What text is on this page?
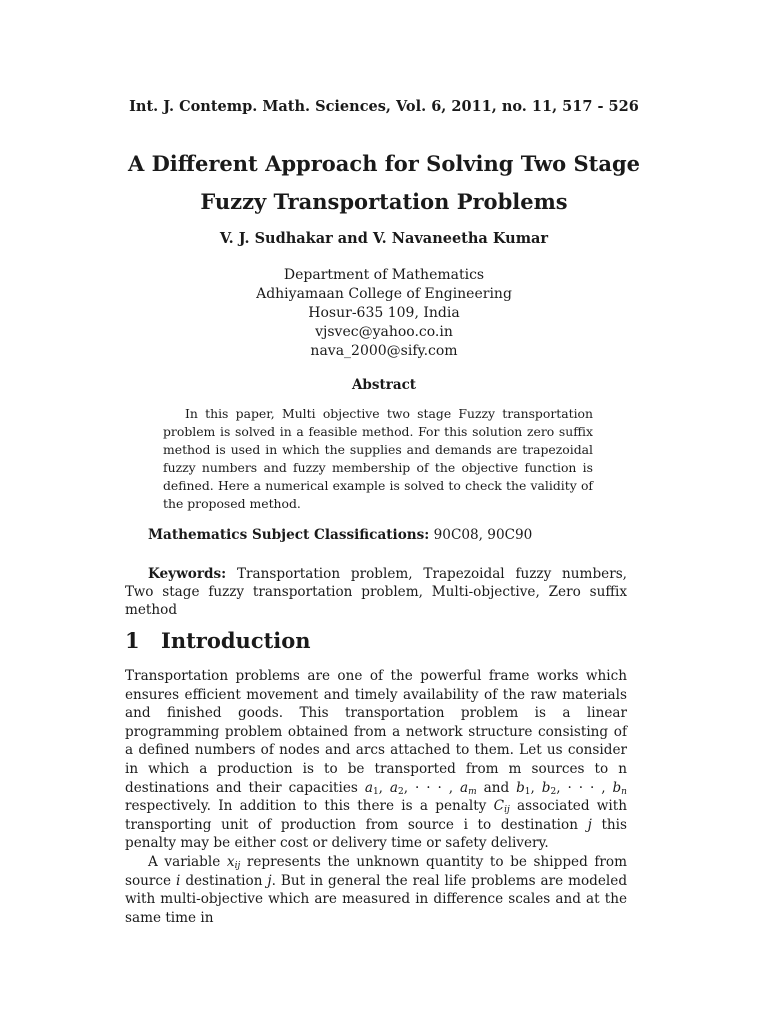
Int. J. Contemp. Math. Sciences, Vol. 6, 2011, no. 11, 517 - 526
A Different Approach for Solving Two Stage
Fuzzy Transportation Problems
V. J. Sudhakar and V. Navaneetha Kumar
Department of Mathematics
Adhiyamaan College of Engineering
Hosur-635 109, India
vjsvec@yahoo.co.in
nava_2000@sify.com
Abstract
In this paper, Multi objective two stage Fuzzy transportation problem is solved in a feasible method. For this solution zero suffix method is used in which the supplies and demands are trapezoidal fuzzy numbers and fuzzy membership of the objective function is defined. Here a numerical example is solved to check the validity of the proposed method.
Mathematics Subject Classifications: 90C08, 90C90
Keywords: Transportation problem, Trapezoidal fuzzy numbers, Two stage fuzzy transportation problem, Multi-objective, Zero suffix method
1 Introduction

Transportation problems are one of the powerful frame works which ensures efficient movement and timely availability of the raw materials and finished goods. This transportation problem is a linear programming problem obtained from a network structure consisting of a defined numbers of nodes and arcs attached to them. Let us consider in which a production is to be transported from m sources to n destinations and their capacities $a_1$, $a_2$, · · · , $a_m$ and $b_1$, $b_2$, · · · , $b_n$ respectively. In addition to this there is a penalty $C_{ij}$ associated with transporting unit of production from source i to destination j this penalty may be either cost or delivery time or safety delivery.

A variable $x_{ij}$ represents the unknown quantity to be shipped from source i destination j. But in general the real life problems are modeled with multi-objective which are measured in difference scales and at the same time in
